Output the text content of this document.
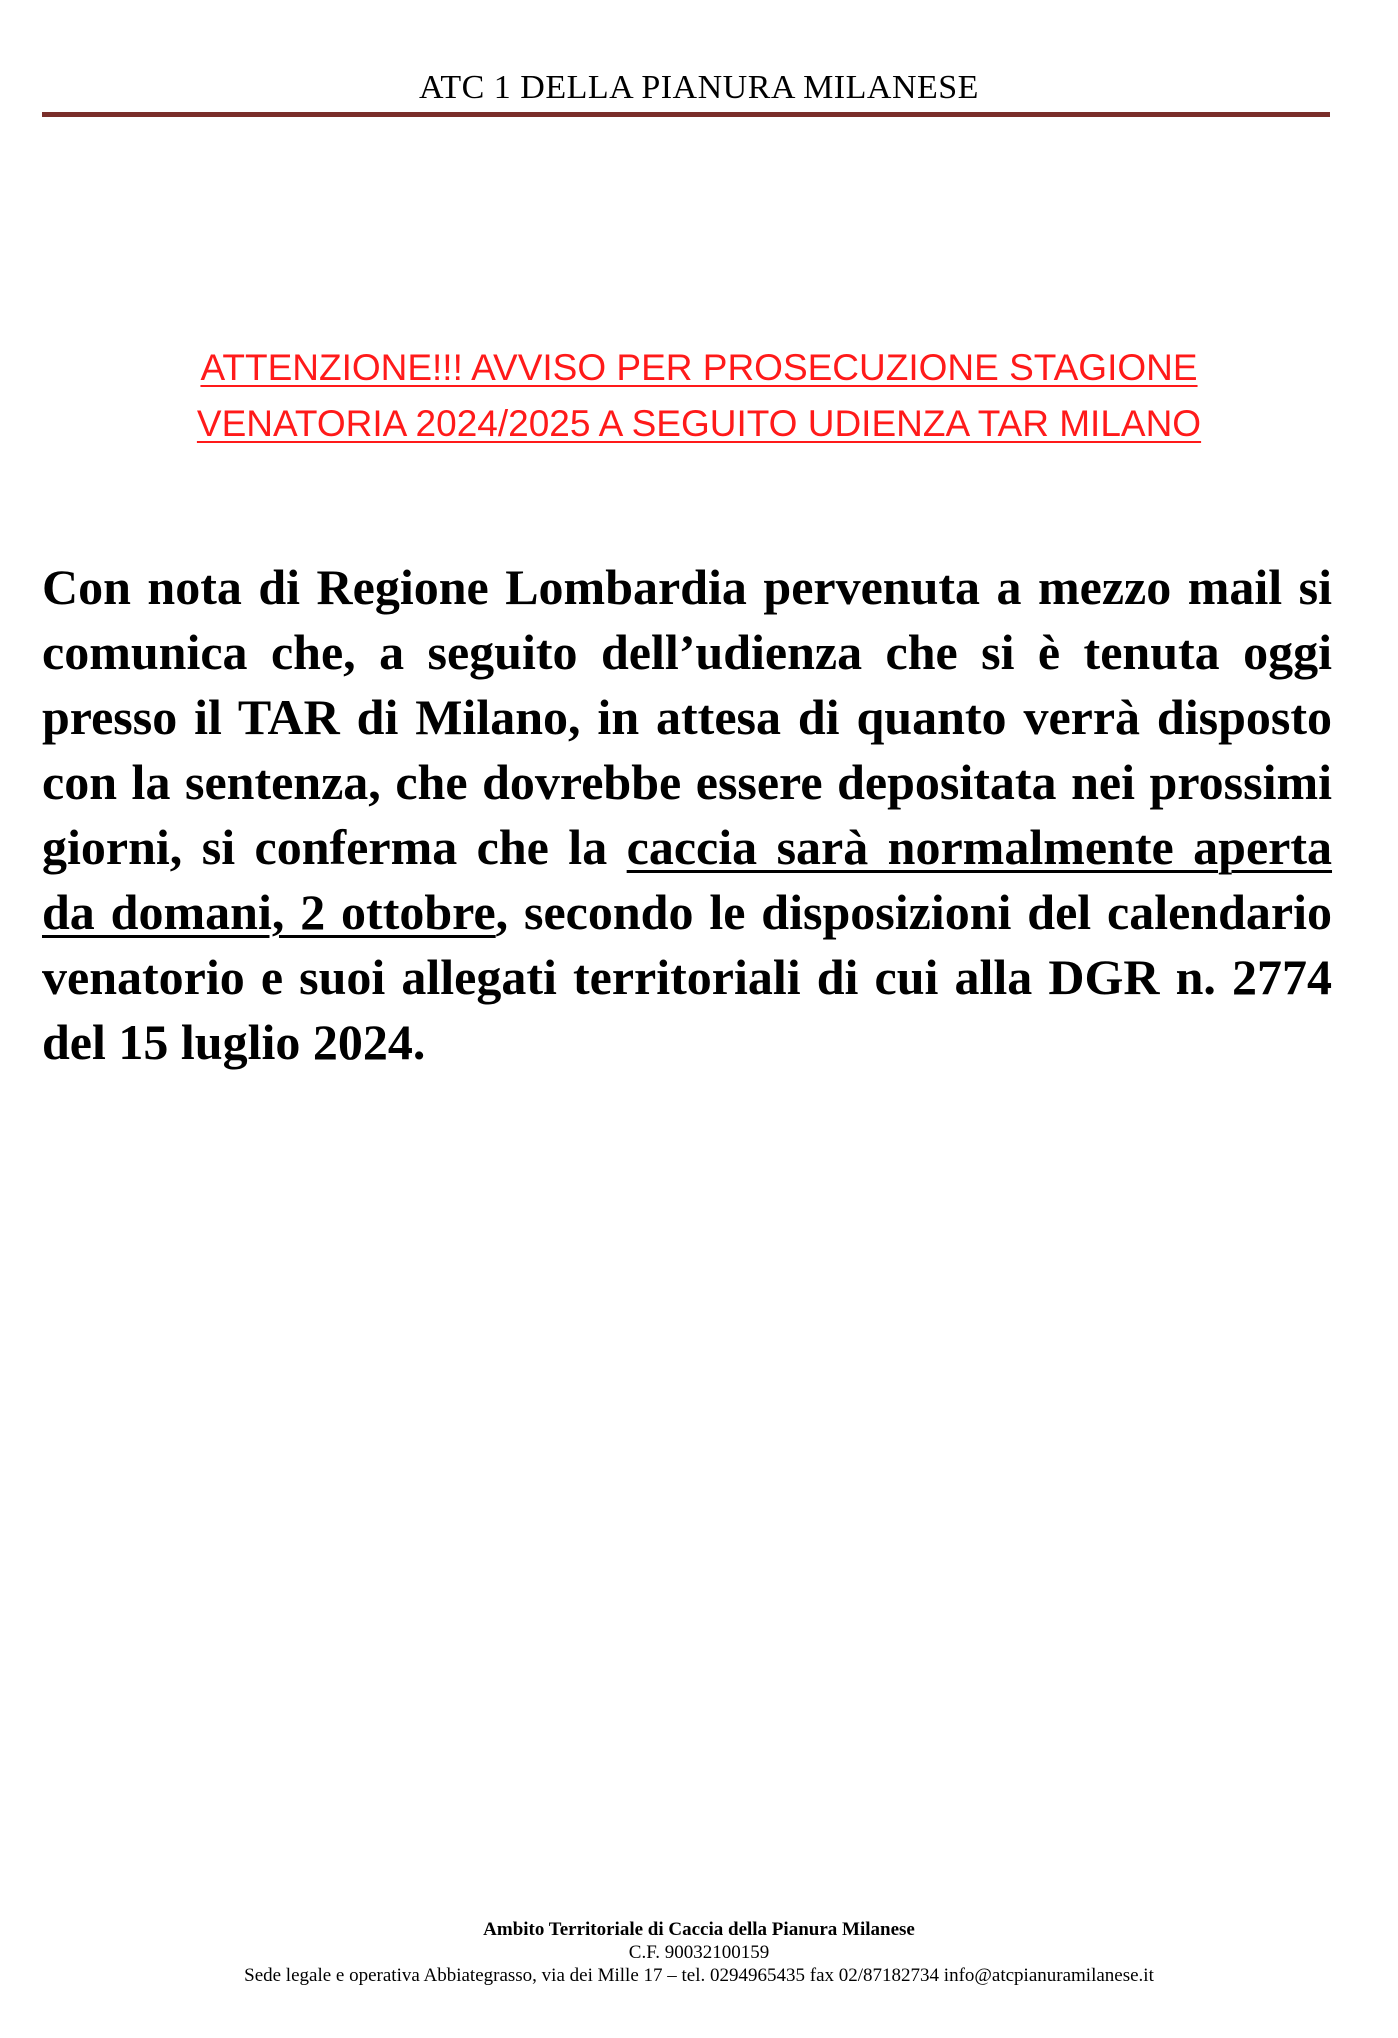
ATC 1 DELLA PIANURA MILANESE
ATTENZIONE!!! AVVISO PER PROSECUZIONE STAGIONE
VENATORIA 2024/2025 A SEGUITO UDIENZA TAR MILANO
Con nota di Regione Lombardia pervenuta a mezzo mail si comunica che, a seguito dell’udienza che si è tenuta oggi presso il TAR di Milano, in attesa di quanto verrà disposto con la sentenza, che dovrebbe essere depositata nei prossimi giorni, si conferma che la caccia sarà normalmente aperta da domani, 2 ottobre, secondo le disposizioni del calendario venatorio e suoi allegati territoriali di cui alla DGR n. 2774 del 15 luglio 2024.
Ambito Territoriale di Caccia della Pianura Milanese
C.F. 90032100159
Sede legale e operativa Abbiategrasso, via dei Mille 17 – tel. 0294965435 fax 02/87182734 info@atcpianuramilanese.it
